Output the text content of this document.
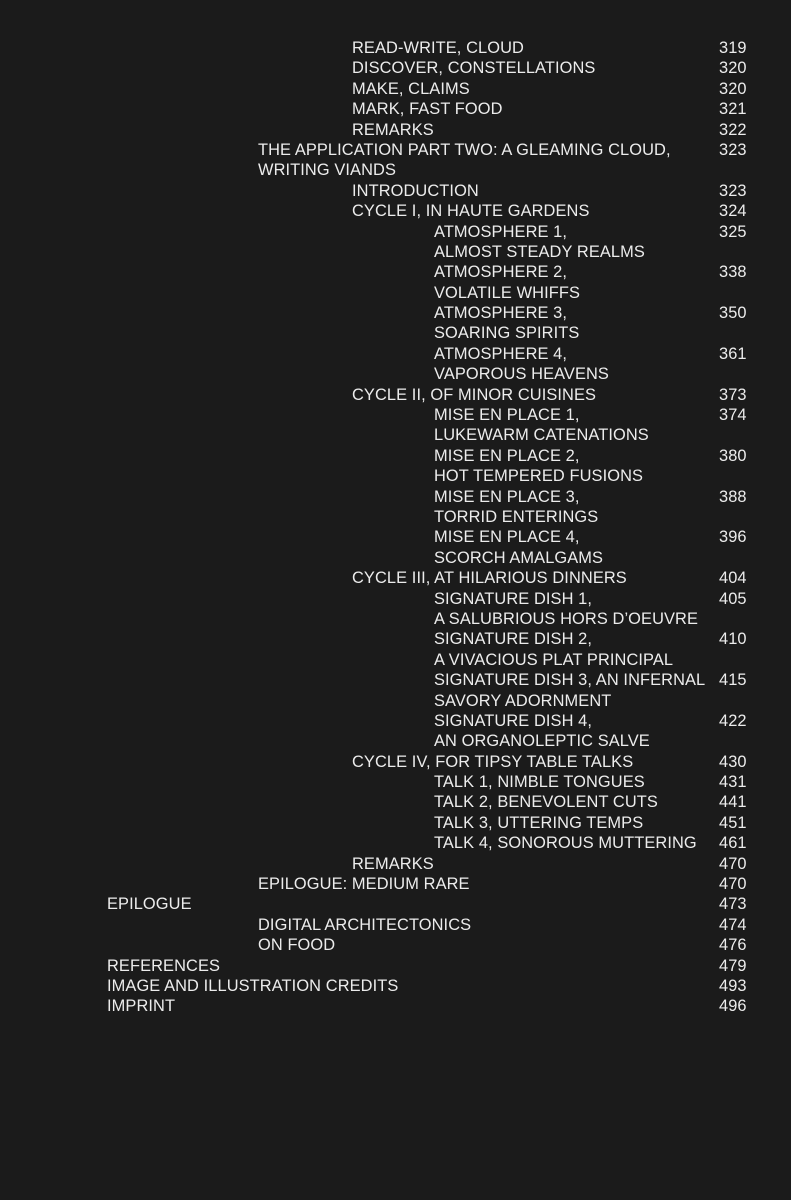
READ-WRITE, CLOUD	319
DISCOVER, CONSTELLATIONS	320
MAKE, CLAIMS	320
MARK, FAST FOOD	321
REMARKS	322
THE APPLICATION PART TWO: A GLEAMING CLOUD,	323
WRITING VIANDS
INTRODUCTION	323
CYCLE I, IN HAUTE GARDENS	324
ATMOSPHERE 1,	325
ALMOST STEADY REALMS
ATMOSPHERE 2,	338
VOLATILE WHIFFS
ATMOSPHERE 3,	350
SOARING SPIRITS
ATMOSPHERE 4,	361
VAPOROUS HEAVENS
CYCLE II, OF MINOR CUISINES	373
MISE EN PLACE 1,	374
LUKEWARM CATENATIONS
MISE EN PLACE 2,	380
HOT TEMPERED FUSIONS
MISE EN PLACE 3,	388
TORRID ENTERINGS
MISE EN PLACE 4,	396
SCORCH AMALGAMS
CYCLE III, AT HILARIOUS DINNERS	404
SIGNATURE DISH 1,	405
A SALUBRIOUS HORS D’OEUVRE
SIGNATURE DISH 2,	410
A VIVACIOUS PLAT PRINCIPAL
SIGNATURE DISH 3, AN INFERNAL 415
SAVORY ADORNMENT
SIGNATURE DISH 4,	422
AN ORGANOLEPTIC SALVE
CYCLE IV, FOR TIPSY TABLE TALKS	430
TALK 1, NIMBLE TONGUES	431
TALK 2, BENEVOLENT CUTS	441
TALK 3, UTTERING TEMPS	451
TALK 4, SONOROUS MUTTERING 461
REMARKS	470
EPILOGUE: MEDIUM RARE	470
EPILOGUE	473
DIGITAL ARCHITECTONICS	474
ON FOOD	476
REFERENCES	479
IMAGE AND ILLUSTRATION CREDITS	493
IMPRINT	496
